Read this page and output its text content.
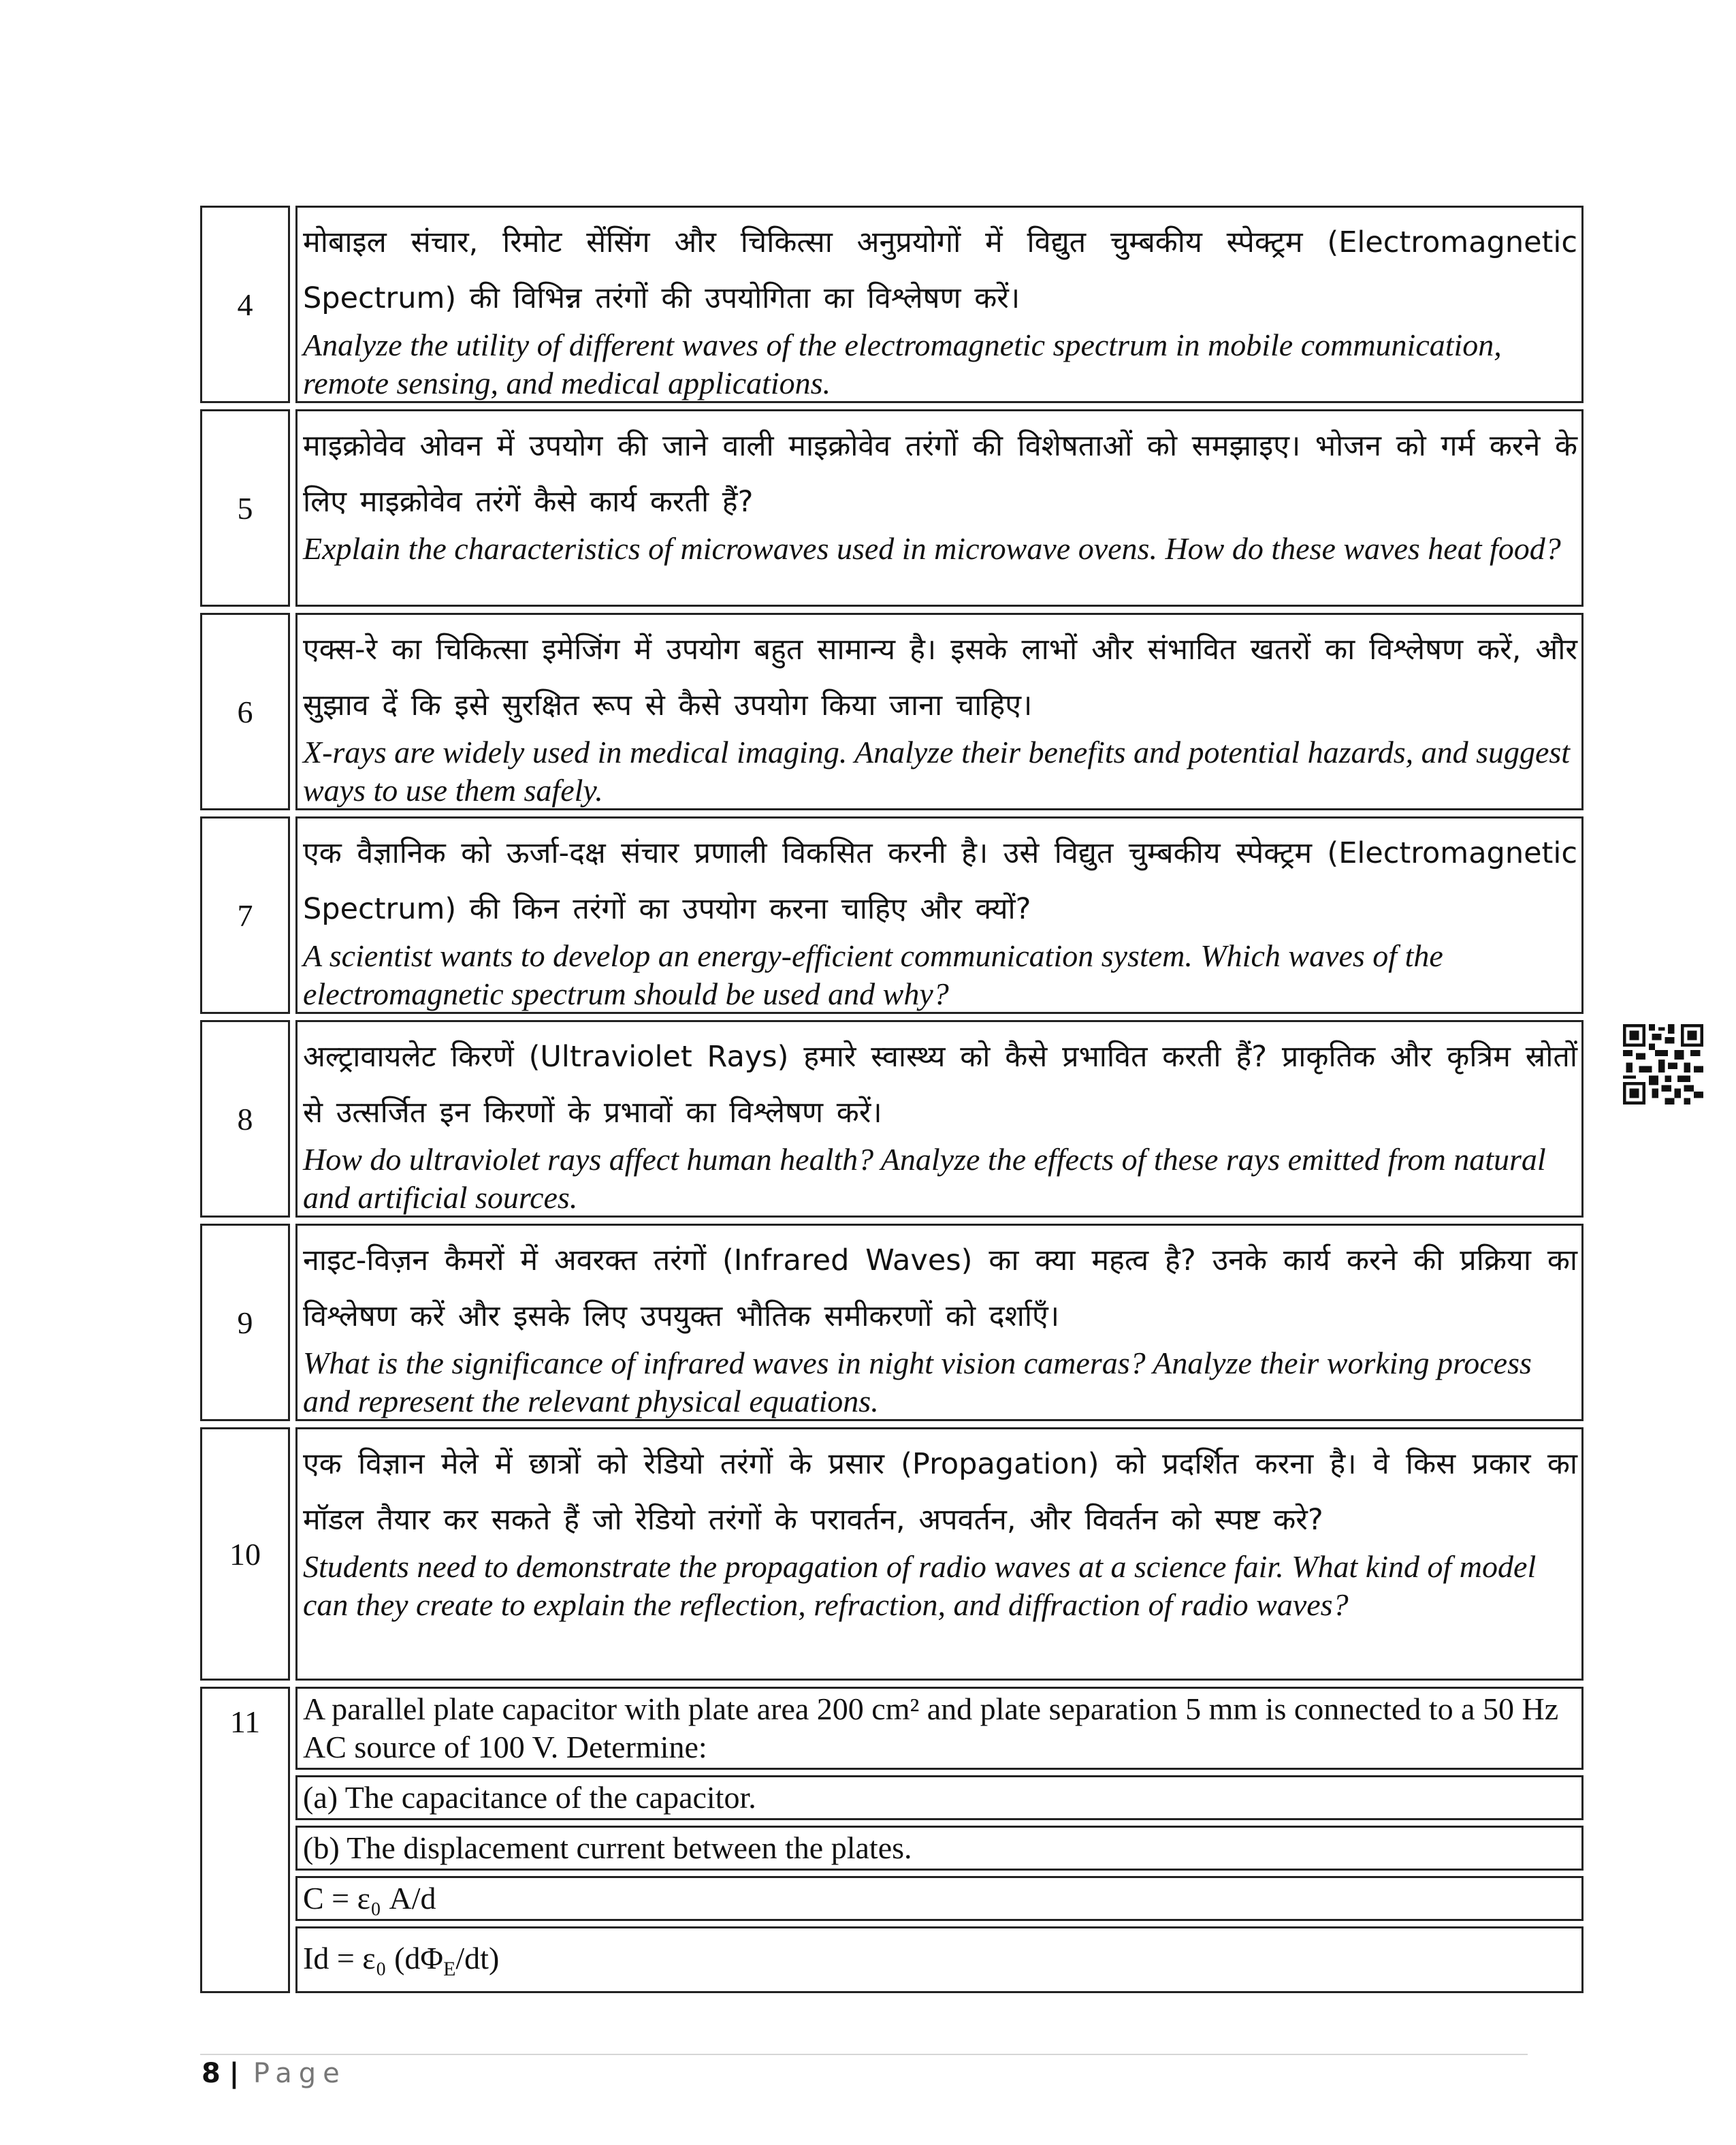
4
मोबाइल संचार, रिमोट सेंसिंग और चिकित्सा अनुप्रयोगों में विद्युत चुम्बकीय स्पेक्ट्रम (Electromagnetic Spectrum) की विभिन्न तरंगों की उपयोगिता का विश्लेषण करें।
Analyze the utility of different waves of the electromagnetic spectrum in mobile communication, remote sensing, and medical applications.
5
माइक्रोवेव ओवन में उपयोग की जाने वाली माइक्रोवेव तरंगों की विशेषताओं को समझाइए। भोजन को गर्म करने के लिए माइक्रोवेव तरंगें कैसे कार्य करती हैं?
Explain the characteristics of microwaves used in microwave ovens. How do these waves heat food?
6
एक्स-रे का चिकित्सा इमेजिंग में उपयोग बहुत सामान्य है। इसके लाभों और संभावित खतरों का विश्लेषण करें, और सुझाव दें कि इसे सुरक्षित रूप से कैसे उपयोग किया जाना चाहिए।
X-rays are widely used in medical imaging. Analyze their benefits and potential hazards, and suggest ways to use them safely.
7
एक वैज्ञानिक को ऊर्जा-दक्ष संचार प्रणाली विकसित करनी है। उसे विद्युत चुम्बकीय स्पेक्ट्रम (Electromagnetic Spectrum) की किन तरंगों का उपयोग करना चाहिए और क्यों?
A scientist wants to develop an energy-efficient communication system. Which waves of the electromagnetic spectrum should be used and why?
8
अल्ट्रावायलेट किरणें (Ultraviolet Rays) हमारे स्वास्थ्य को कैसे प्रभावित करती हैं? प्राकृतिक और कृत्रिम स्रोतों से उत्सर्जित इन किरणों के प्रभावों का विश्लेषण करें।
How do ultraviolet rays affect human health? Analyze the effects of these rays emitted from natural and artificial sources.
9
नाइट-विज़न कैमरों में अवरक्त तरंगों (Infrared Waves) का क्या महत्व है? उनके कार्य करने की प्रक्रिया का विश्लेषण करें और इसके लिए उपयुक्त भौतिक समीकरणों को दर्शाएँ।
What is the significance of infrared waves in night vision cameras? Analyze their working process and represent the relevant physical equations.
10
एक विज्ञान मेले में छात्रों को रेडियो तरंगों के प्रसार (Propagation) को प्रदर्शित करना है। वे किस प्रकार का मॉडल तैयार कर सकते हैं जो रेडियो तरंगों के परावर्तन, अपवर्तन, और विवर्तन को स्पष्ट करे?
Students need to demonstrate the propagation of radio waves at a science fair. What kind of model can they create to explain the reflection, refraction, and diffraction of radio waves?
11	A parallel plate capacitor with plate area 200 cm² and plate separation 5 mm is connected to a 50 Hz AC source of 100 V. Determine:
(a) The capacitance of the capacitor.
(b) The displacement current between the plates.
C = ε₀ A/d
Id = ε₀ $(d\Phi_E/dt)$
8 | Page
